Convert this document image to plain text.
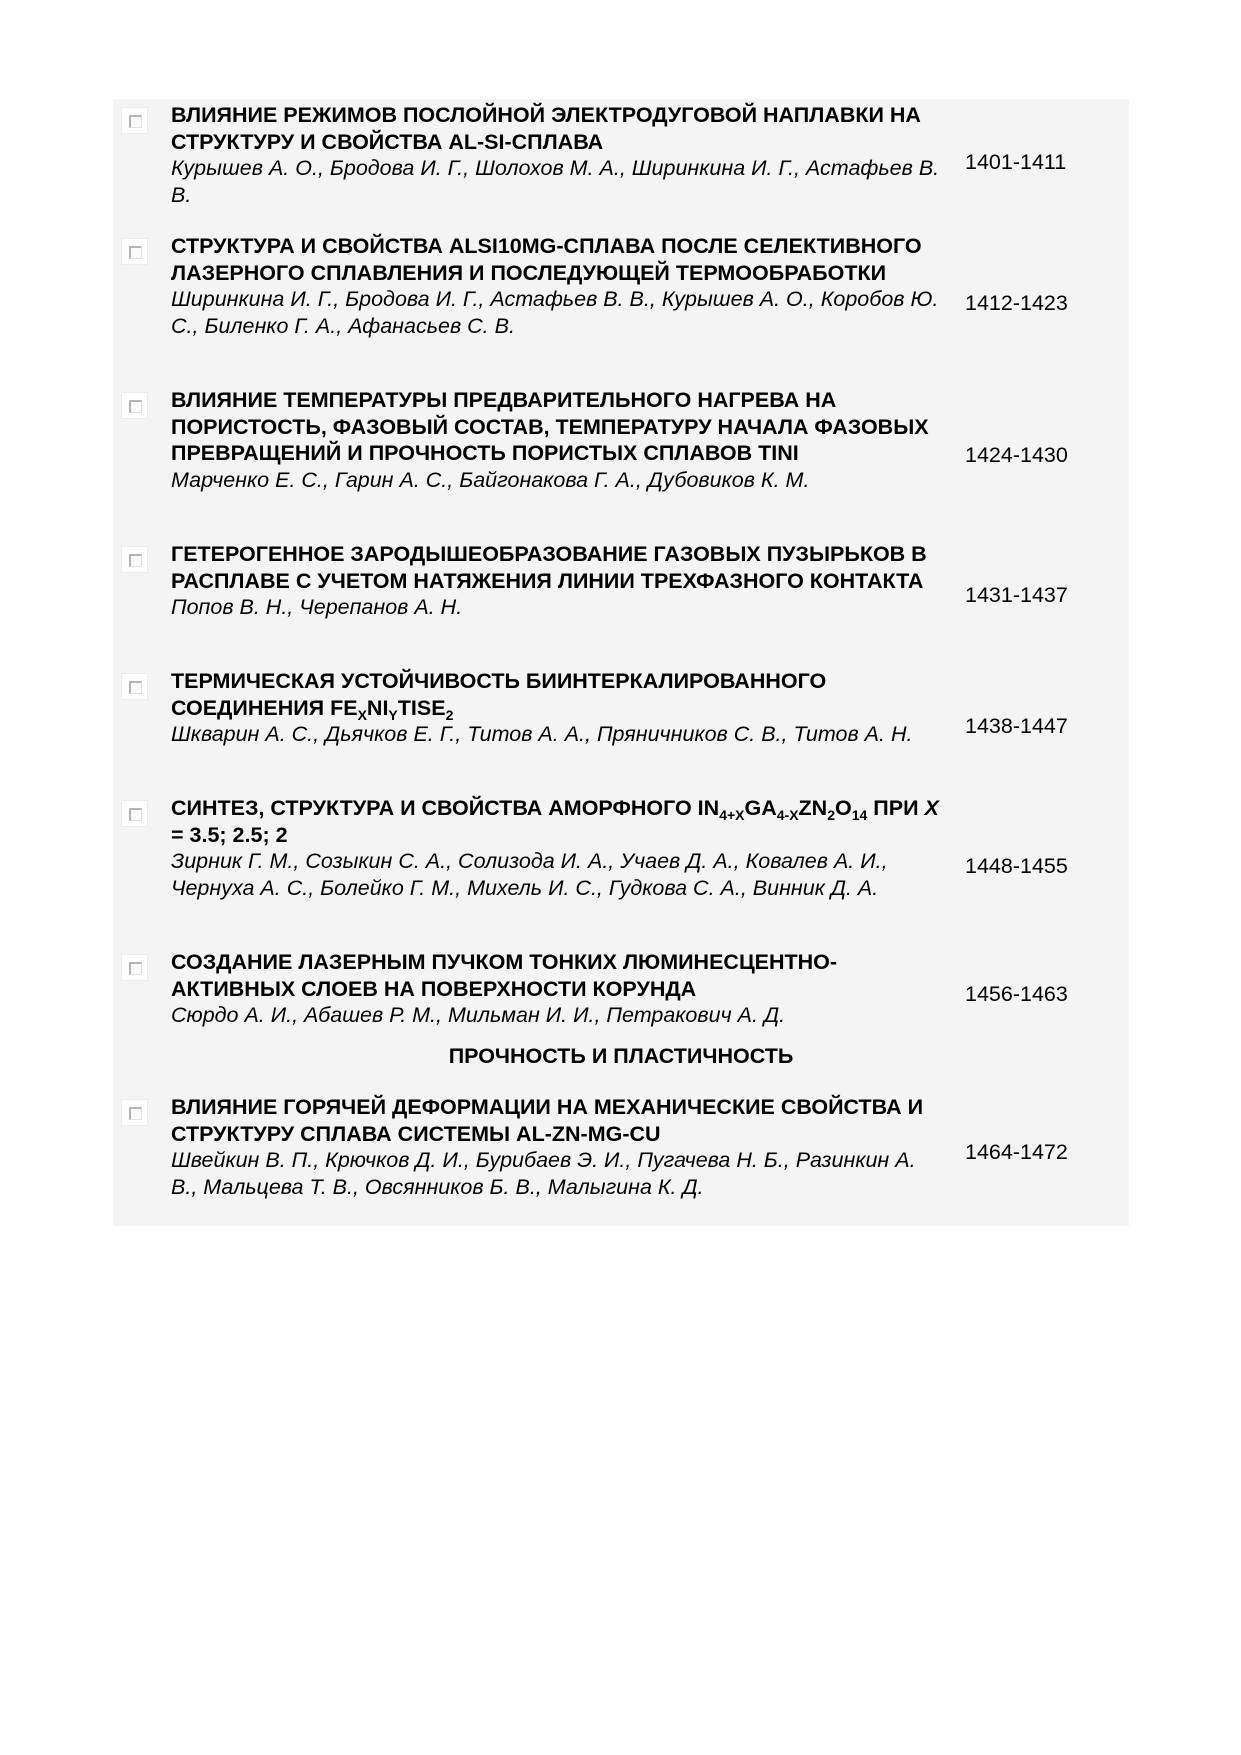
ВЛИЯНИЕ РЕЖИМОВ ПОСЛОЙНОЙ ЭЛЕКТРОДУГОВОЙ НАПЛАВКИ НА СТРУКТУРУ И СВОЙСТВА AL-SI-СПЛАВА
Курышев А. О., Бродова И. Г., Шолохов М. А., Ширинкина И. Г., Астафьев В. В.
1401-1411
СТРУКТУРА И СВОЙСТВА ALSI10MG-СПЛАВА ПОСЛЕ СЕЛЕКТИВНОГО ЛАЗЕРНОГО СПЛАВЛЕНИЯ И ПОСЛЕДУЮЩЕЙ ТЕРМООБРАБОТКИ
Ширинкина И. Г., Бродова И. Г., Астафьев В. В., Курышев А. О., Коробов Ю. С., Биленко Г. А., Афанасьев С. В.
1412-1423
ВЛИЯНИЕ ТЕМПЕРАТУРЫ ПРЕДВАРИТЕЛЬНОГО НАГРЕВА НА ПОРИСТОСТЬ, ФАЗОВЫЙ СОСТАВ, ТЕМПЕРАТУРУ НАЧАЛА ФАЗОВЫХ ПРЕВРАЩЕНИЙ И ПРОЧНОСТЬ ПОРИСТЫХ СПЛАВОВ TINI
Марченко Е. С., Гарин А. С., Байгонакова Г. А., Дубовиков К. М.
1424-1430
ГЕТЕРОГЕННОЕ ЗАРОДЫШЕОБРАЗОВАНИЕ ГАЗОВЫХ ПУЗЫРЬКОВ В РАСПЛАВЕ С УЧЕТОМ НАТЯЖЕНИЯ ЛИНИИ ТРЕХФАЗНОГО КОНТАКТА
Попов В. Н., Черепанов А. Н.
1431-1437
ТЕРМИЧЕСКАЯ УСТОЙЧИВОСТЬ БИИНТЕРКАЛИРОВАННОГО СОЕДИНЕНИЯ $FE_XNI_YTISE_2$
Шкварин А. С., Дьячков Е. Г., Титов А. А., Пряничников С. В., Титов А. Н.	1438-1447
СИНТЕЗ, СТРУКТУРА И СВОЙСТВА АМОРФНОГО $IN_{4+X}GA_{4-X}ZN_2O_{14}$ ПРИ X = 3.5; 2.5; 2
Зирник Г. М., Созыкин С. А., Солизода И. А., Учаев Д. А., Ковалев А. И., Чернуха А. С., Болейко Г. М., Михель И. С., Гудкова С. А., Винник Д. А.
1448-1455
СОЗДАНИЕ ЛАЗЕРНЫМ ПУЧКОМ ТОНКИХ ЛЮМИНЕСЦЕНТНО-АКТИВНЫХ СЛОЕВ НА ПОВЕРХНОСТИ КОРУНДА
Сюрдо А. И., Абашев Р. М., Мильман И. И., Петракович А. Д.
1456-1463
ПРОЧНОСТЬ И ПЛАСТИЧНОСТЬ
ВЛИЯНИЕ ГОРЯЧЕЙ ДЕФОРМАЦИИ НА МЕХАНИЧЕСКИЕ СВОЙСТВА И СТРУКТУРУ СПЛАВА СИСТЕМЫ AL-ZN-MG-CU
Швейкин В. П., Крючков Д. И., Бурибаев Э. И., Пугачева Н. Б., Разинкин А. В., Мальцева Т. В., Овсянников Б. В., Малыгина К. Д.
1464-1472
